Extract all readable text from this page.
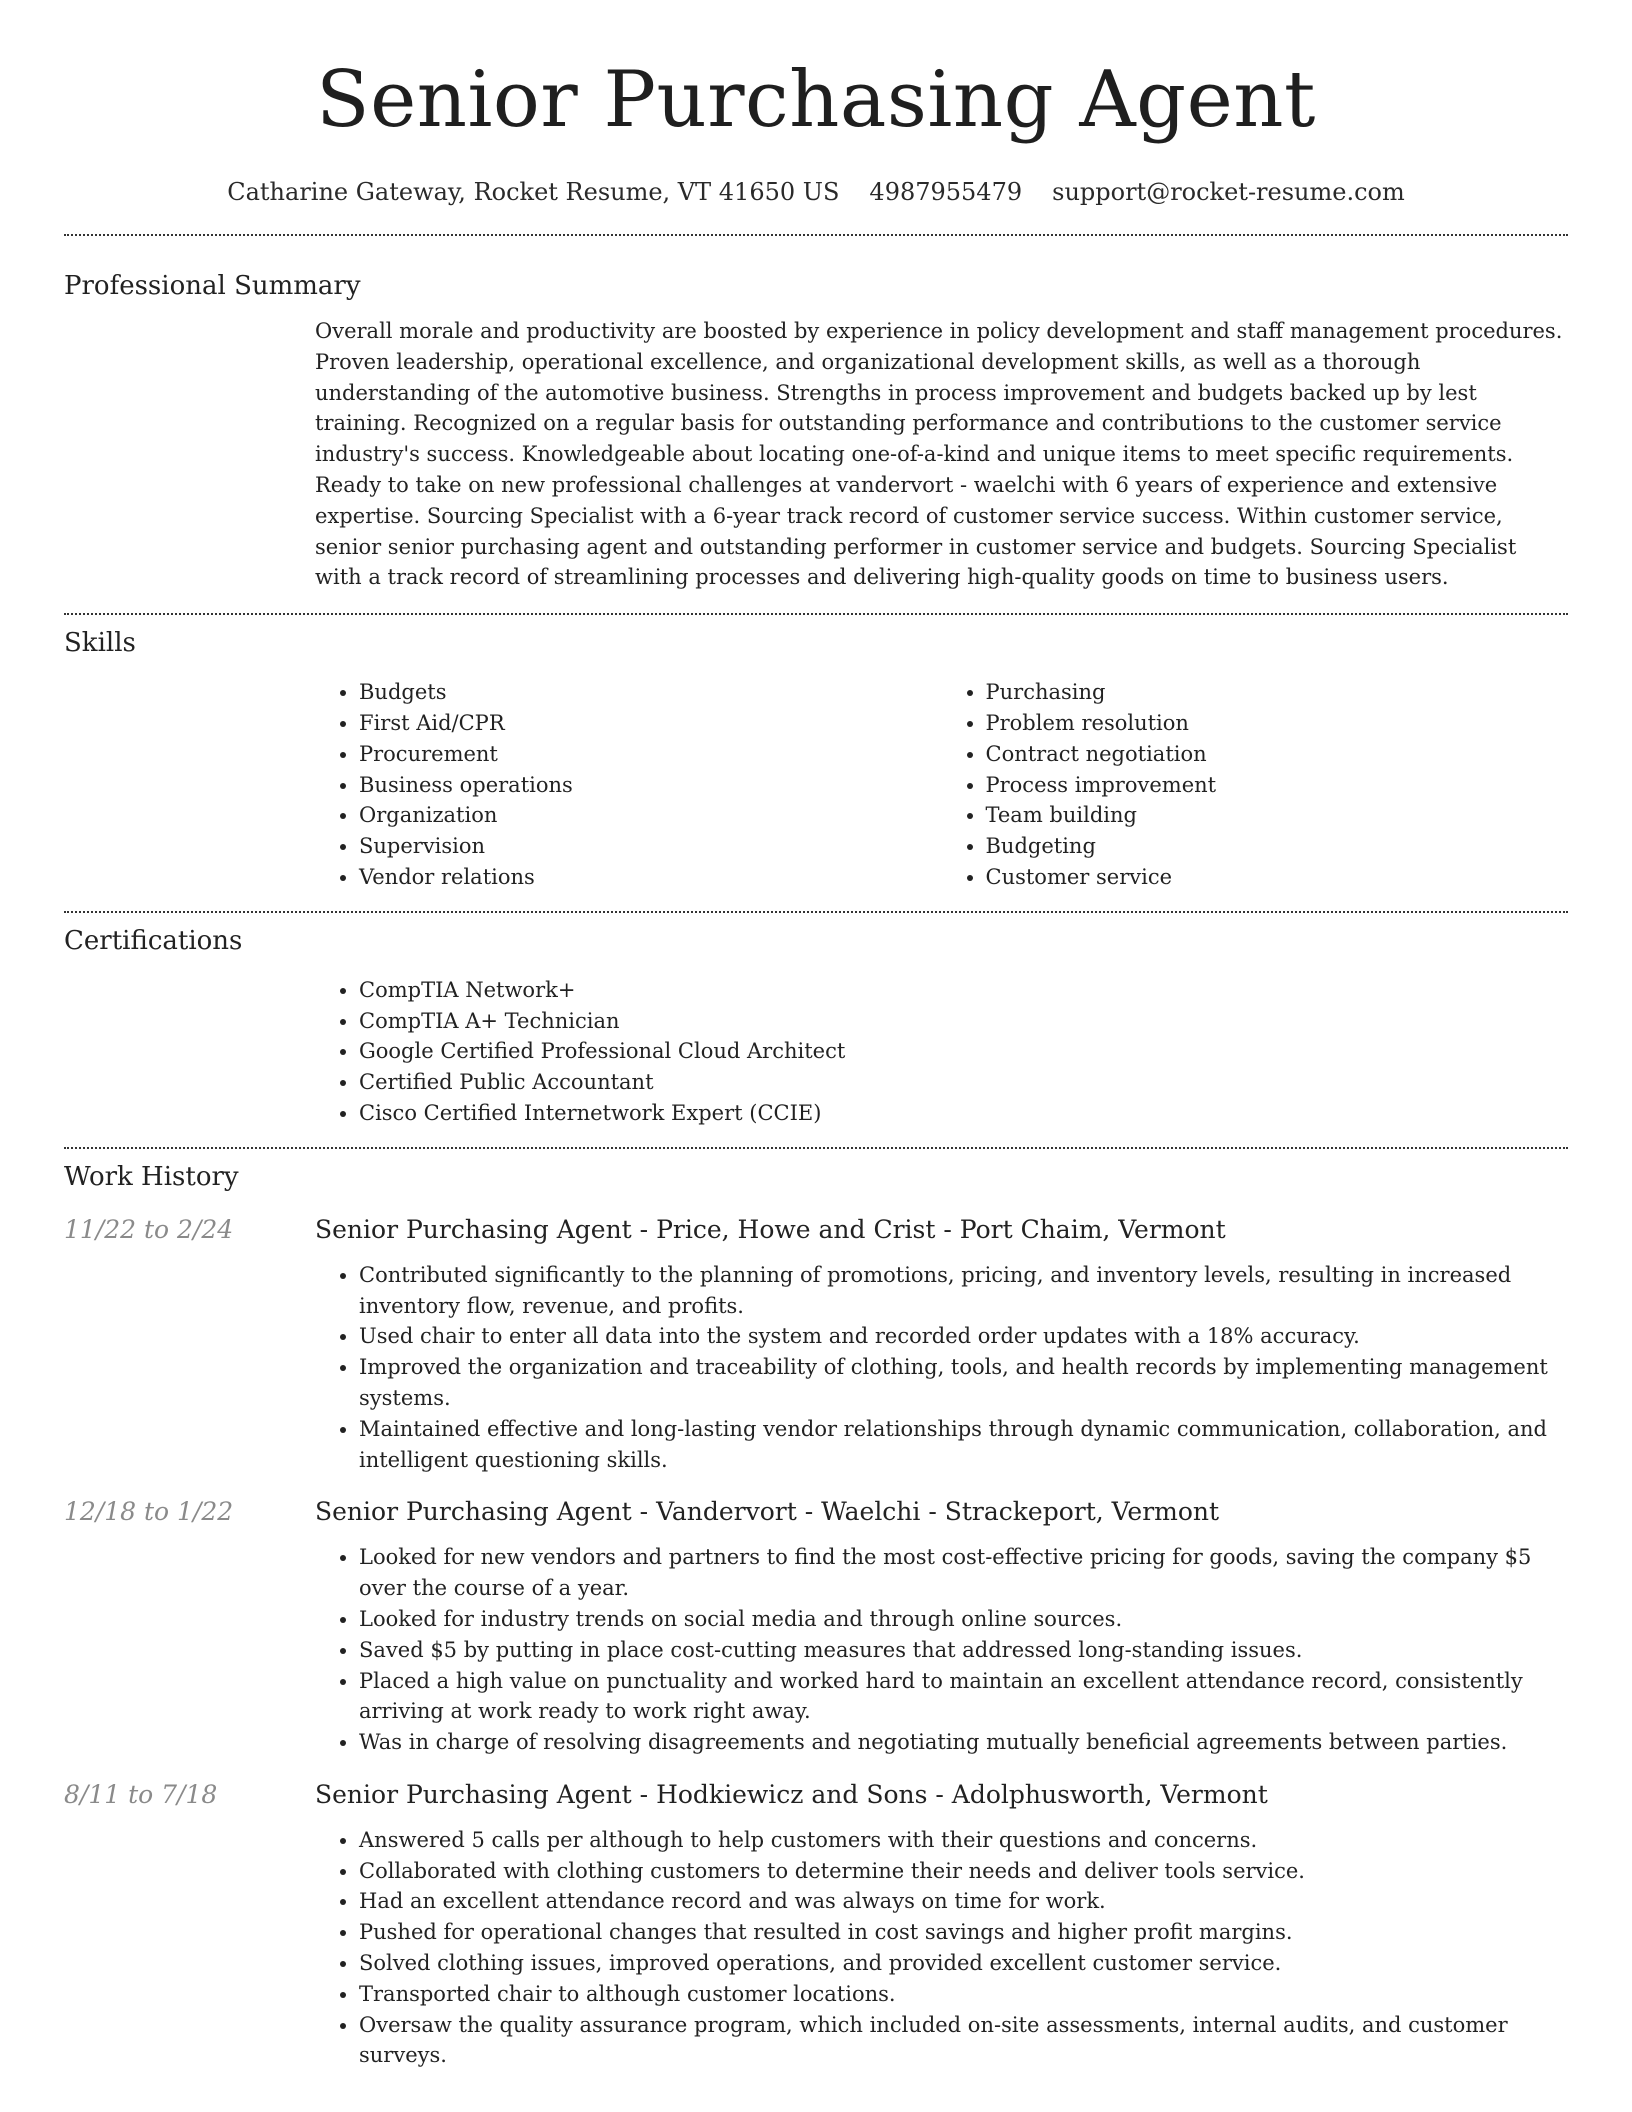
Senior Purchasing Agent
Catharine Gateway, Rocket Resume, VT 41650 US 4987955479 support@rocket-resume.com
Professional Summary

Overall morale and productivity are boosted by experience in policy development and staff management procedures. Proven leadership, operational excellence, and organizational development skills, as well as a thorough understanding of the automotive business. Strengths in process improvement and budgets backed up by lest training. Recognized on a regular basis for outstanding performance and contributions to the customer service industry's success. Knowledgeable about locating one-of-a-kind and unique items to meet specific requirements. Ready to take on new professional challenges at vandervort - waelchi with 6 years of experience and extensive expertise. Sourcing Specialist with a 6-year track record of customer service success. Within customer service, senior senior purchasing agent and outstanding performer in customer service and budgets. Sourcing Specialist with a track record of streamlining processes and delivering high-quality goods on time to business users.

Skills
• Budgets
• First Aid/CPR
• Procurement
• Business operations
• Organization
• Supervision
• Vendor relations
• Purchasing
• Problem resolution
• Contract negotiation
• Process improvement
• Team building
• Budgeting
• Customer service
Certifications
• CompTIA Network+
• CompTIA A+ Technician
• Google Certified Professional Cloud Architect
• Certified Public Accountant
• Cisco Certified Internetwork Expert (CCIE)
Work History
11/22 to 2/24	Senior Purchasing Agent - Price, Howe and Crist - Port Chaim, Vermont
• Contributed significantly to the planning of promotions, pricing, and inventory levels, resulting in increased inventory flow, revenue, and profits.
• Used chair to enter all data into the system and recorded order updates with a 18% accuracy.
• Improved the organization and traceability of clothing, tools, and health records by implementing management systems.
• Maintained effective and long-lasting vendor relationships through dynamic communication, collaboration, and intelligent questioning skills.
12/18 to 1/22	Senior Purchasing Agent - Vandervort - Waelchi - Strackeport, Vermont
• Looked for new vendors and partners to find the most cost-effective pricing for goods, saving the company $5 over the course of a year.
• Looked for industry trends on social media and through online sources.
• Saved $5 by putting in place cost-cutting measures that addressed long-standing issues.
• Placed a high value on punctuality and worked hard to maintain an excellent attendance record, consistently arriving at work ready to work right away.
• Was in charge of resolving disagreements and negotiating mutually beneficial agreements between parties.
8/11 to 7/18	Senior Purchasing Agent - Hodkiewicz and Sons - Adolphusworth, Vermont
• Answered 5 calls per although to help customers with their questions and concerns.
• Collaborated with clothing customers to determine their needs and deliver tools service.
• Had an excellent attendance record and was always on time for work.
• Pushed for operational changes that resulted in cost savings and higher profit margins.
• Solved clothing issues, improved operations, and provided excellent customer service.
• Transported chair to although customer locations.
• Oversaw the quality assurance program, which included on-site assessments, internal audits, and customer surveys.
